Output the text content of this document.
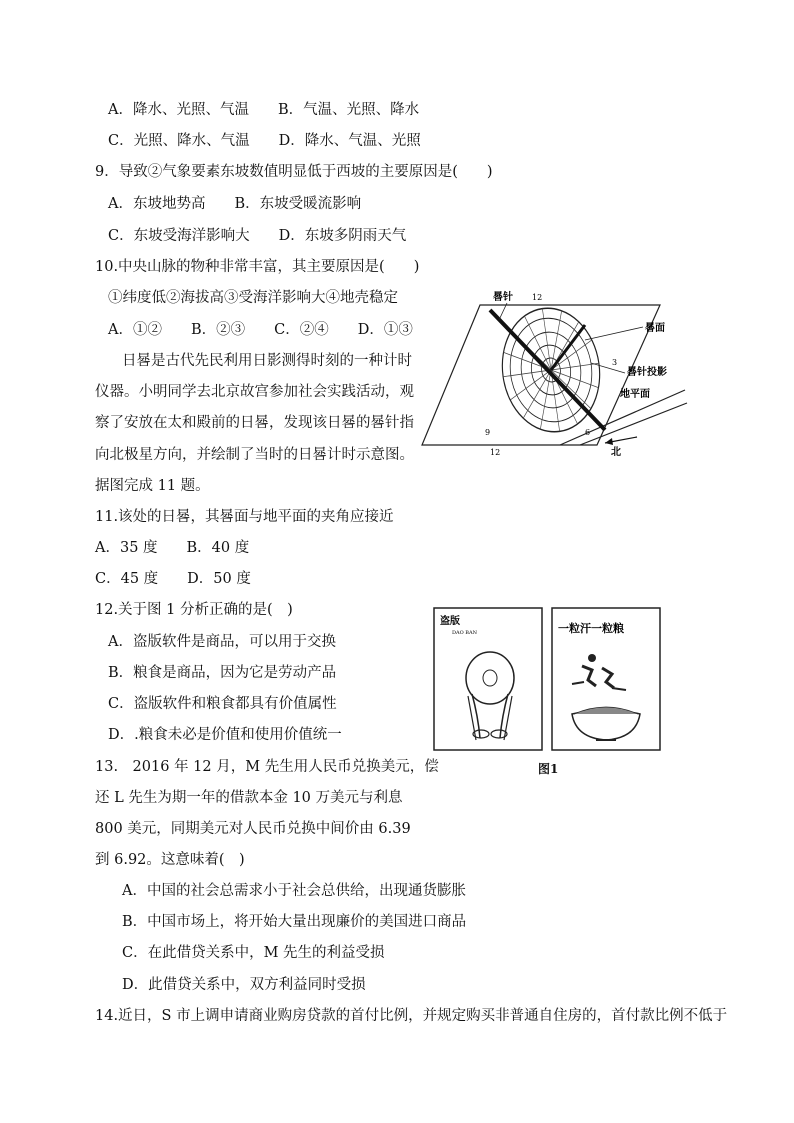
A．降水、光照、气温　　B．气温、光照、降水
C．光照、降水、气温　　D．降水、气温、光照
9．导致②气象要素东坡数值明显低于西坡的主要原因是(　　)
A．东坡地势高　　B．东坡受暖流影响
C．东坡受海洋影响大　　D．东坡多阴雨天气
10.中央山脉的物种非常丰富，其主要原因是(　　)
①纬度低②海拔高③受海洋影响大④地壳稳定
A．①②　　B．②③　　C．②④　　D．①③
日晷是古代先民利用日影测得时刻的一种计时
仪器。小明同学去北京故宫参加社会实践活动，观
察了安放在太和殿前的日晷，发现该日晷的晷针指
向北极星方向，并绘制了当时的日晷计时示意图。
据图完成 11 题。
11.该处的日晷，其晷面与地平面的夹角应接近
A．35 度　　B．40 度
C．45 度　　D．50 度
12.关于图 1 分析正确的是(　)
A．盗版软件是商品，可以用于交换
B．粮食是商品，因为它是劳动产品
C．盗版软件和粮食都具有价值属性
D．.粮食未必是价值和使用价值统一
13.　2016 年 12 月，M 先生用人民币兑换美元，偿
还 L 先生为期一年的借款本金 10 万美元与利息
800 美元，同期美元对人民币兑换中间价由 6.39
到 6.92。这意味着(　)
A．中国的社会总需求小于社会总供给，出现通货膨胀
B．中国市场上，将开始大量出现廉价的美国进口商品
C．在此借贷关系中，M 先生的利益受损
D．此借贷关系中，双方利益同时受损
14.近日，S 市上调申请商业购房贷款的首付比例，并规定购买非普通自住房的，首付款比例不低于
12
3
6
9
12
晷针
晷面
晷针投影
地平面
北
盗版
DAO BAN	一粒汗一粒粮
图1
